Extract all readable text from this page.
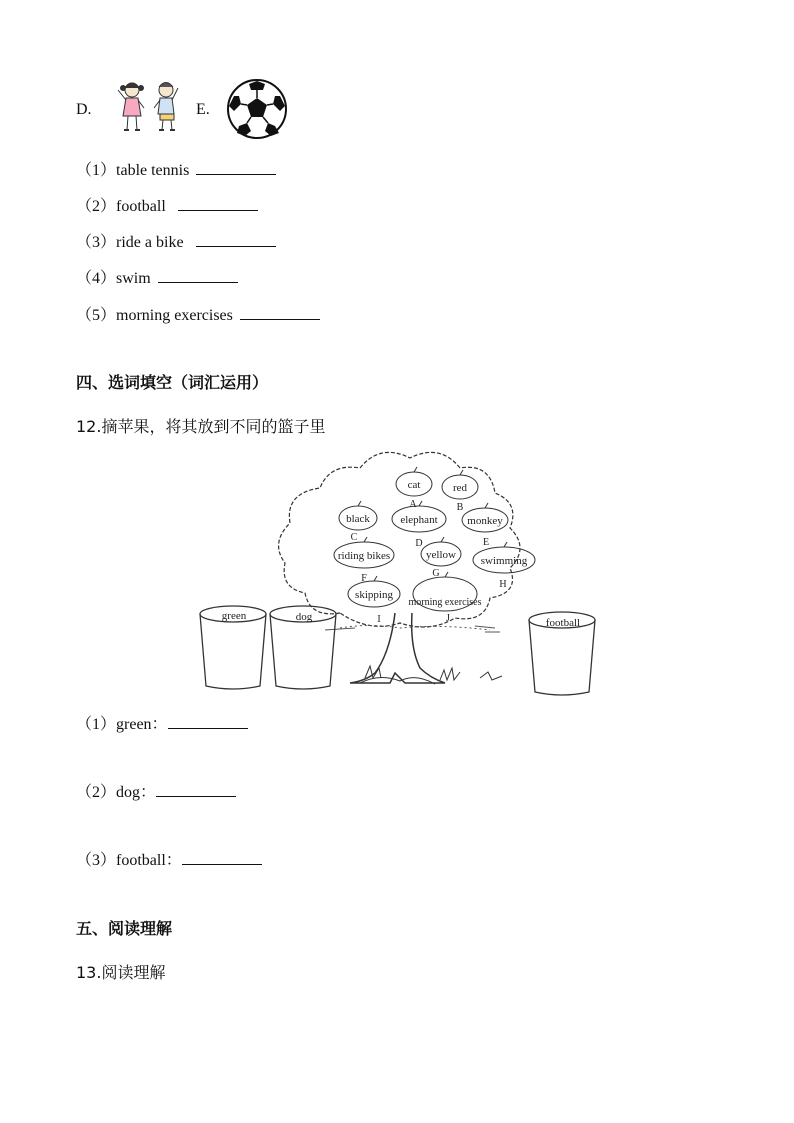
D.	E.
（1）table tennis
（2）football
（3）ride a bike
（4）swim
（5）morning exercises
四、选词填空（词汇运用）
12.摘苹果，将其放到不同的篮子里
cat	red
black	elephant	monkey
riding bikes	yellow swimming
skipping
morning exercises
A	B
C
D	E
F	G
H
I	J
green	dog	football
（1）green：
（2）dog：
（3）football：
五、阅读理解
13.阅读理解
